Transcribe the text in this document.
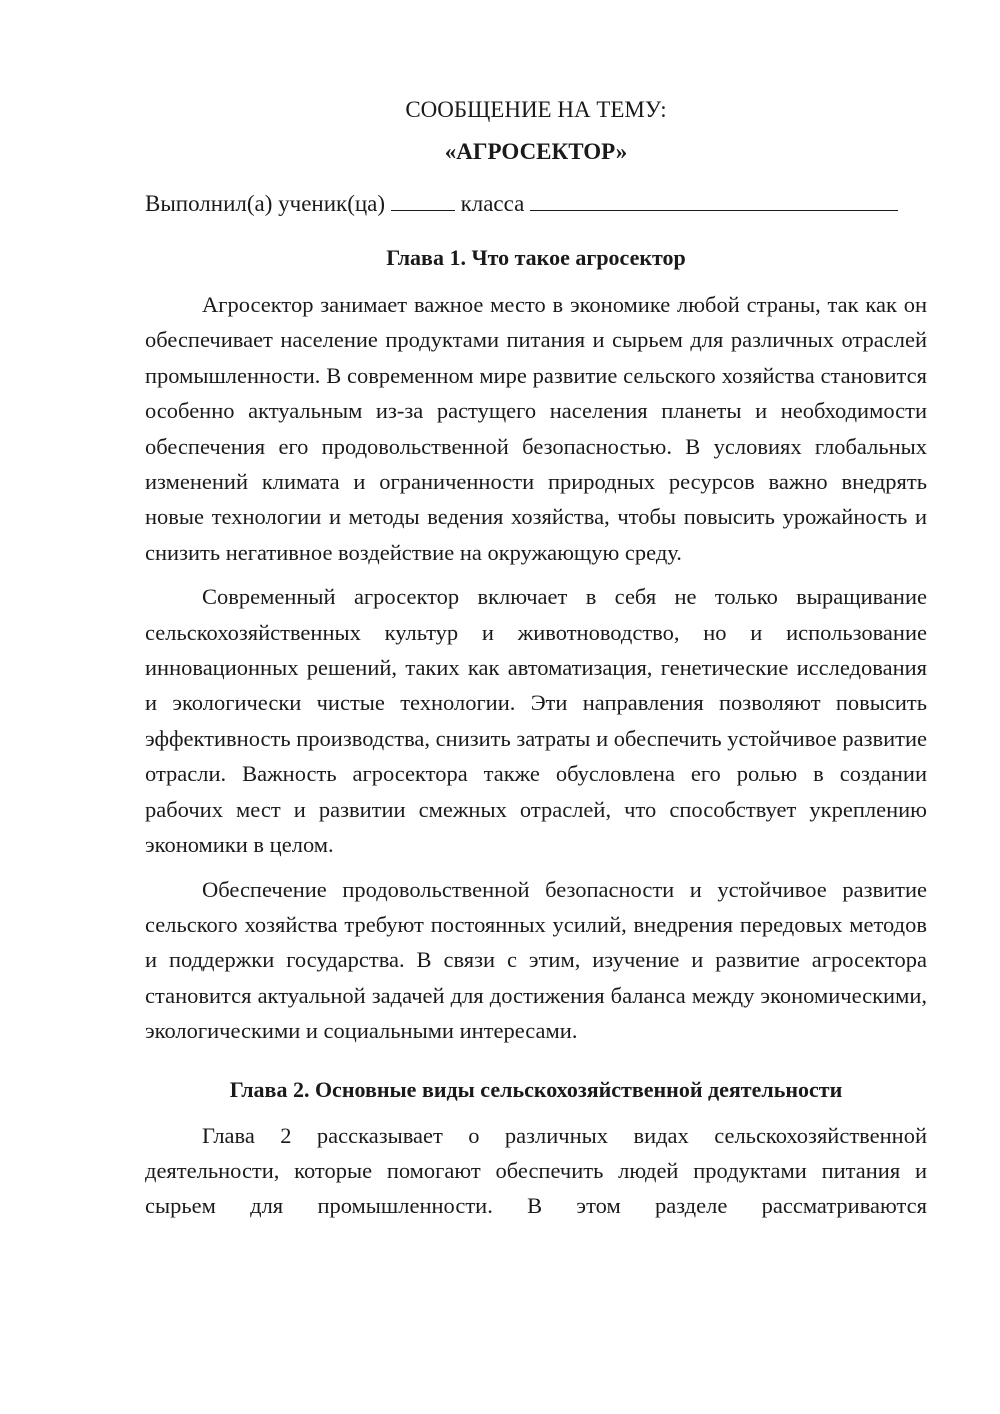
СООБЩЕНИЕ НА ТЕМУ:
«АГРОСЕКТОР»
Выполнил(а) ученик(ца)	класса
Глава 1. Что такое агросектор

Агросектор занимает важное место в экономике любой страны, так как он обеспечивает население продуктами питания и сырьем для различных отраслей промышленности. В современном мире развитие сельского хозяйства становится особенно актуальным из-за растущего населения планеты и необходимости обеспечения его продовольственной безопасностью. В условиях глобальных изменений климата и ограниченности природных ресурсов важно внедрять новые технологии и методы ведения хозяйства, чтобы повысить урожайность и снизить негативное воздействие на окружающую среду.

Современный агросектор включает в себя не только выращивание сельскохозяйственных культур и животноводство, но и использование инновационных решений, таких как автоматизация, генетические исследования и экологически чистые технологии. Эти направления позволяют повысить эффективность производства, снизить затраты и обеспечить устойчивое развитие отрасли. Важность агросектора также обусловлена его ролью в создании рабочих мест и развитии смежных отраслей, что способствует укреплению экономики в целом.

Обеспечение продовольственной безопасности и устойчивое развитие сельского хозяйства требуют постоянных усилий, внедрения передовых методов и поддержки государства. В связи с этим, изучение и развитие агросектора становится актуальной задачей для достижения баланса между экономическими, экологическими и социальными интересами.

Глава 2. Основные виды сельскохозяйственной деятельности

Глава 2 рассказывает о различных видах сельскохозяйственной деятельности, которые помогают обеспечить людей продуктами питания и сырьем для промышленности. В этом разделе рассматриваются
